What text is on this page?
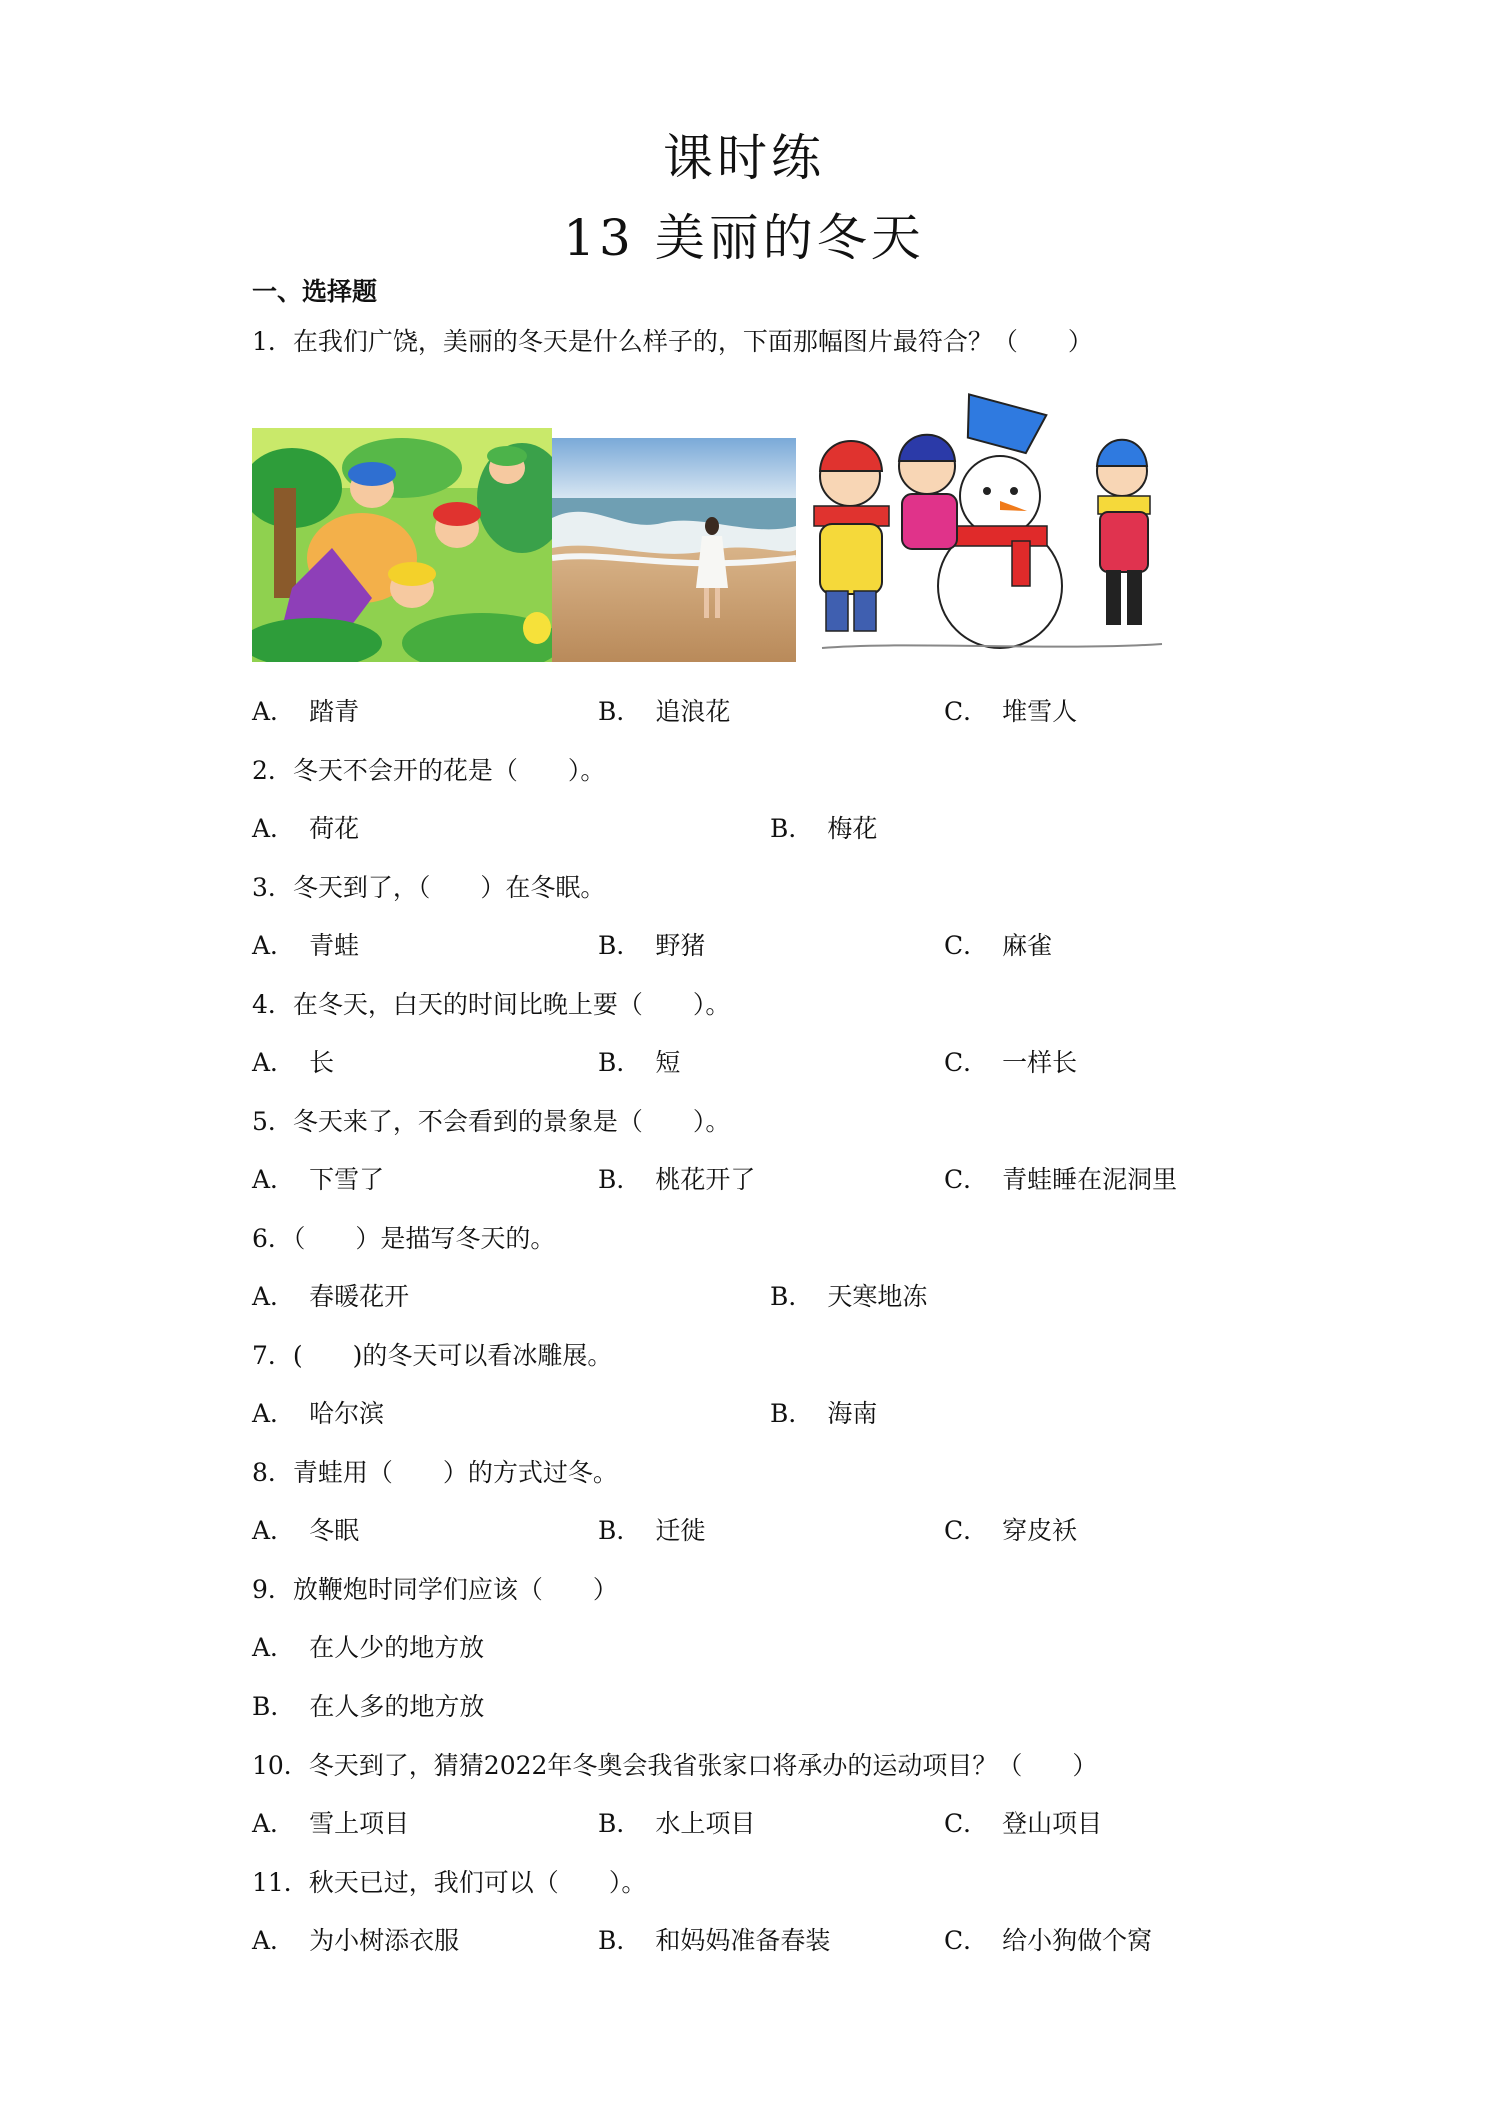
课时练
13 美丽的冬天
一、选择题
1．在我们广饶，美丽的冬天是什么样子的，下面那幅图片最符合？（　　）
A． 踏青	B． 追浪花	C． 堆雪人
2．冬天不会开的花是（　　）。
A． 荷花	B． 梅花
3．冬天到了，（　　）在冬眠。
A． 青蛙	B． 野猪	C． 麻雀
4．在冬天，白天的时间比晚上要（　　）。
A． 长	B． 短	C． 一样长
5．冬天来了，不会看到的景象是（　　）。
A． 下雪了	B． 桃花开了	C． 青蛙睡在泥洞里
6．（　　）是描写冬天的。
A． 春暖花开	B． 天寒地冻
7．(　　)的冬天可以看冰雕展。
A． 哈尔滨	B． 海南
8．青蛙用（　　）的方式过冬。
A． 冬眠	B． 迁徙	C． 穿皮袄
9．放鞭炮时同学们应该（　　）
A． 在人少的地方放
B． 在人多的地方放
10．冬天到了，猜猜2022年冬奥会我省张家口将承办的运动项目？（　　）
A． 雪上项目	B． 水上项目	C． 登山项目
11．秋天已过，我们可以（　　）。
A． 为小树添衣服	B． 和妈妈准备春装	C． 给小狗做个窝
